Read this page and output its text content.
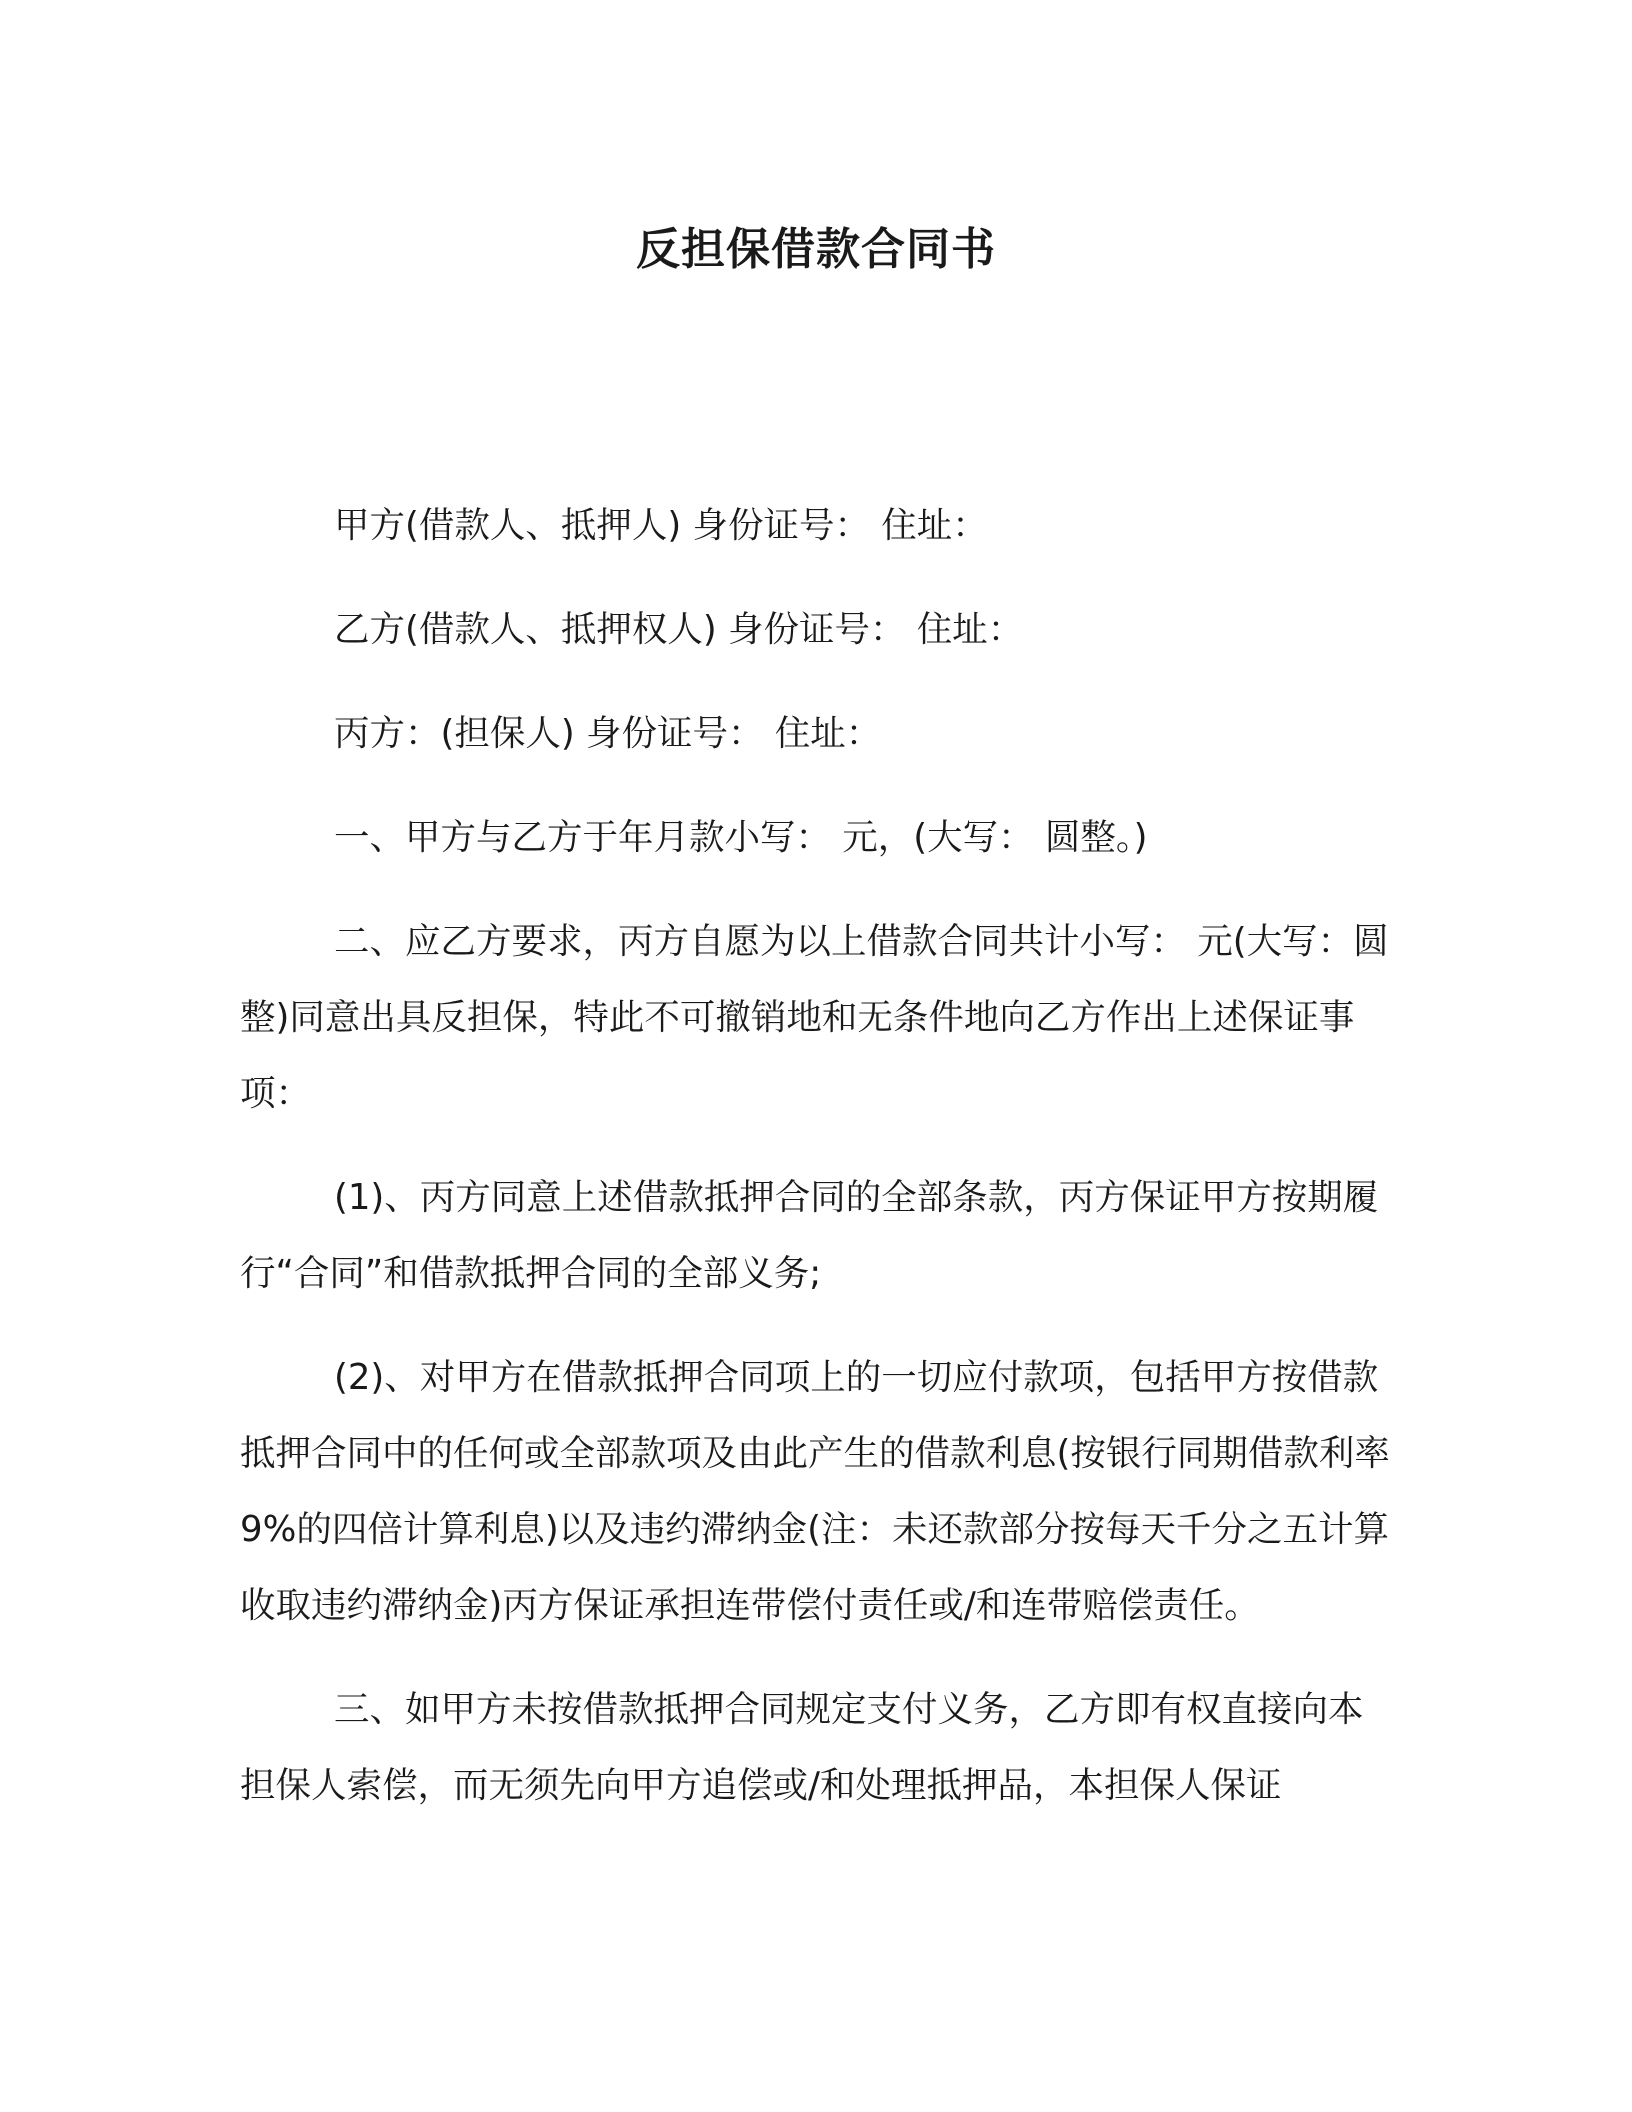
反担保借款合同书

甲方(借款人、抵押人) 身份证号： 住址：

乙方(借款人、抵押权人) 身份证号： 住址：

丙方：(担保人) 身份证号： 住址：

一、甲方与乙方于年月款小写： 元，(大写： 圆整。)

二、应乙方要求，丙方自愿为以上借款合同共计小写： 元(大写：圆整)同意出具反担保，特此不可撤销地和无条件地向乙方作出上述保证事项：

(1)、丙方同意上述借款抵押合同的全部条款，丙方保证甲方按期履行“合同”和借款抵押合同的全部义务;

(2)、对甲方在借款抵押合同项上的一切应付款项，包括甲方按借款抵押合同中的任何或全部款项及由此产生的借款利息(按银行同期借款利率 9%的四倍计算利息)以及违约滞纳金(注：未还款部分按每天千分之五计算收取违约滞纳金)丙方保证承担连带偿付责任或/和连带赔偿责任。

三、如甲方未按借款抵押合同规定支付义务，乙方即有权直接向本担保人索偿，而无须先向甲方追偿或/和处理抵押品，本担保人保证
